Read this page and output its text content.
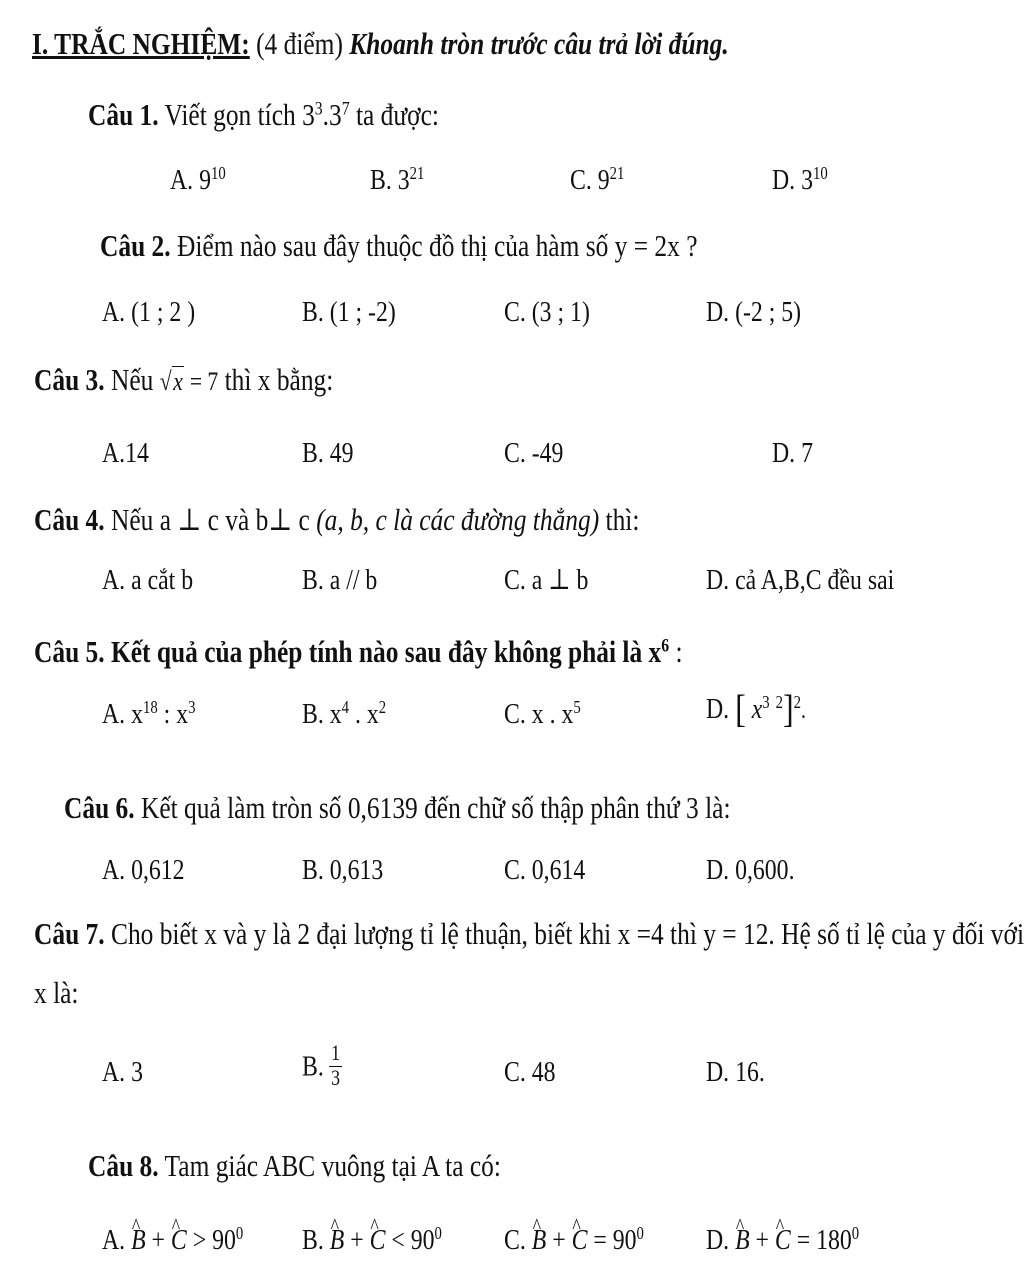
I. TRẮC NGHIỆM: (4 điểm) Khoanh tròn trước câu trả lời đúng.
Câu 1. Viết gọn tích $3^3.3^7$ ta được:
A. $9^{10}$	B. $3^{21}$	C. $9^{21}$	D. $3^{10}$
Câu 2. Điểm nào sau đây thuộc đồ thị của hàm số y = 2x ?
A. (1 ; 2 )	B. (1 ; -2)	C. (3 ; 1)	D. (-2 ; 5)
Câu 3. Nếu √x = 7 thì x bằng:
A.14	B. 49	C. -49	D. 7
Câu 4. Nếu a ⊥ c và b⊥ c (a, b, c là các đường thẳng) thì:
A. a cắt b	B. a // b	C. a ⊥ b	D. cả A,B,C đều sai
Câu 5. Kết quả của phép tính nào sau đây không phải là $x^6$ :
A. $x^{18}$ : $x^3$	B. $x^4$ . $x^2$	C. x . $x^5$	D. [ $x^3$ $^2$]$^2$.
Câu 6. Kết quả làm tròn số 0,6139 đến chữ số thập phân thứ 3 là:
A. 0,612	B. 0,613	C. 0,614	D. 0,600.
Câu 7. Cho biết x và y là 2 đại lượng tỉ lệ thuận, biết khi x =4 thì y = 12. Hệ số tỉ lệ của y đối với
x là:
A. 3	B. $\frac{1}{3}$	C. 48	D. 16.
Câu 8. Tam giác ABC vuông tại A ta có:
A. ^ B + ^ $C > 90^0$ B. ^ B + ^ $C < 90^0$ C. ^ B + ^ $C = 90^0$ D. ^ B + ^ $C = 180^0$
